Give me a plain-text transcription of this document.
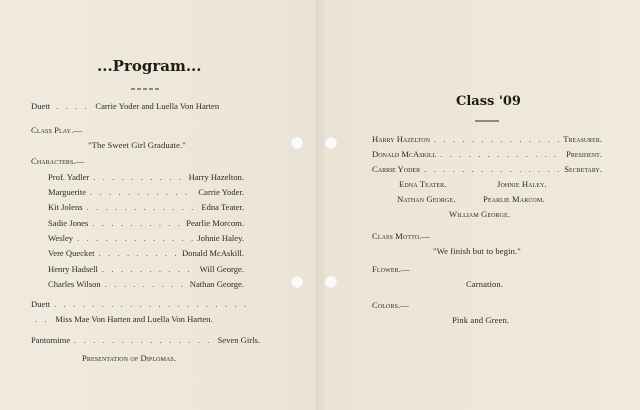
...Program...
Duett . . . . Carrie Yoder and Luella Von Harten
Class Play.—
"The Sweet Girl Graduate."
Characters.—
Prof. Yadler . . .	Harry Hazelton.
Marguerite . . .	Carrie Yoder.
Kit Jolens . . .	Edna Teater.
Sadie Jones . . .	Pearlie Morcom.
Wesley . . .	Johnie Haley.
Vere Quecket . . .	Donald McAskill.
Henry Hadsell . . .	Will George.
Charles Wilson . . .	Nathan George.
Duett
. . .
. . Miss Mae Von Harten and Luella Von Harten.
Pantomime . . .	Seven Girls.
Presentation of Diplomas.
Class '09
Harry Hazelton . . .	Treasurer.
Donald McAskill . . .	President.
Carrie Yoder . . .	Secretary.
Edna Teater.	Johnie Haley.
Nathan George.	Pearlie Marcom.
William George.
Class Motto.—
"We finish but to begin."
Flower.—
Carnation.
Colors.—
Pink and Green.
